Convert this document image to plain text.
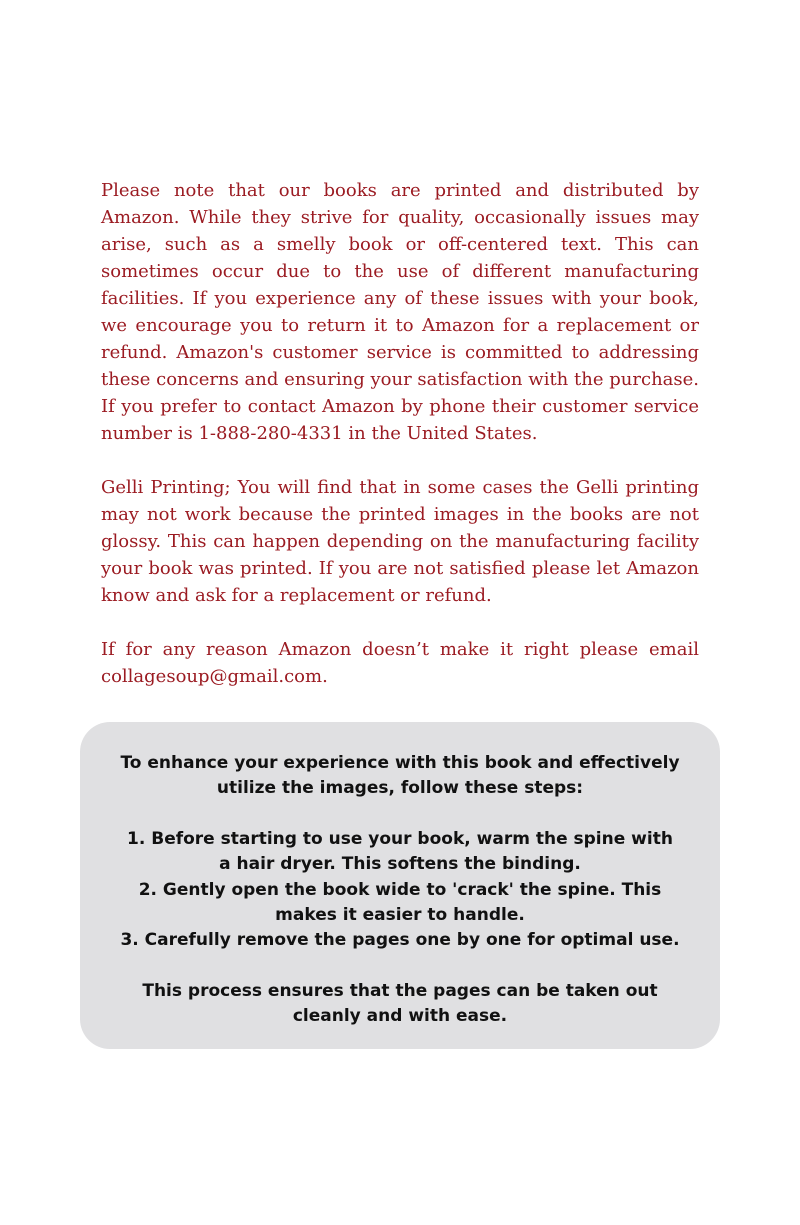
Please note that our books are printed and distributed by Amazon. While they strive for quality, occasionally issues may arise, such as a smelly book or off-centered text. This can sometimes occur due to the use of different manufacturing facilities. If you experience any of these issues with your book, we encourage you to return it to Amazon for a replacement or refund. Amazon's customer service is committed to addressing these concerns and ensuring your satisfaction with the purchase. If you prefer to contact Amazon by phone their customer service number is 1-888-280-4331 in the United States.

Gelli Printing; You will find that in some cases the Gelli printing may not work because the printed images in the books are not glossy. This can happen depending on the manufacturing facility your book was printed. If you are not satisfied please let Amazon know and ask for a replacement or refund.

If for any reason Amazon doesn’t make it right please email collagesoup@gmail.com.

To enhance your experience with this book and effectively utilize the images, follow these steps:

1. Before starting to use your book, warm the spine with a hair dryer. This softens the binding.

2. Gently open the book wide to 'crack' the spine. This makes it easier to handle.

3. Carefully remove the pages one by one for optimal use.

This process ensures that the pages can be taken out cleanly and with ease.
